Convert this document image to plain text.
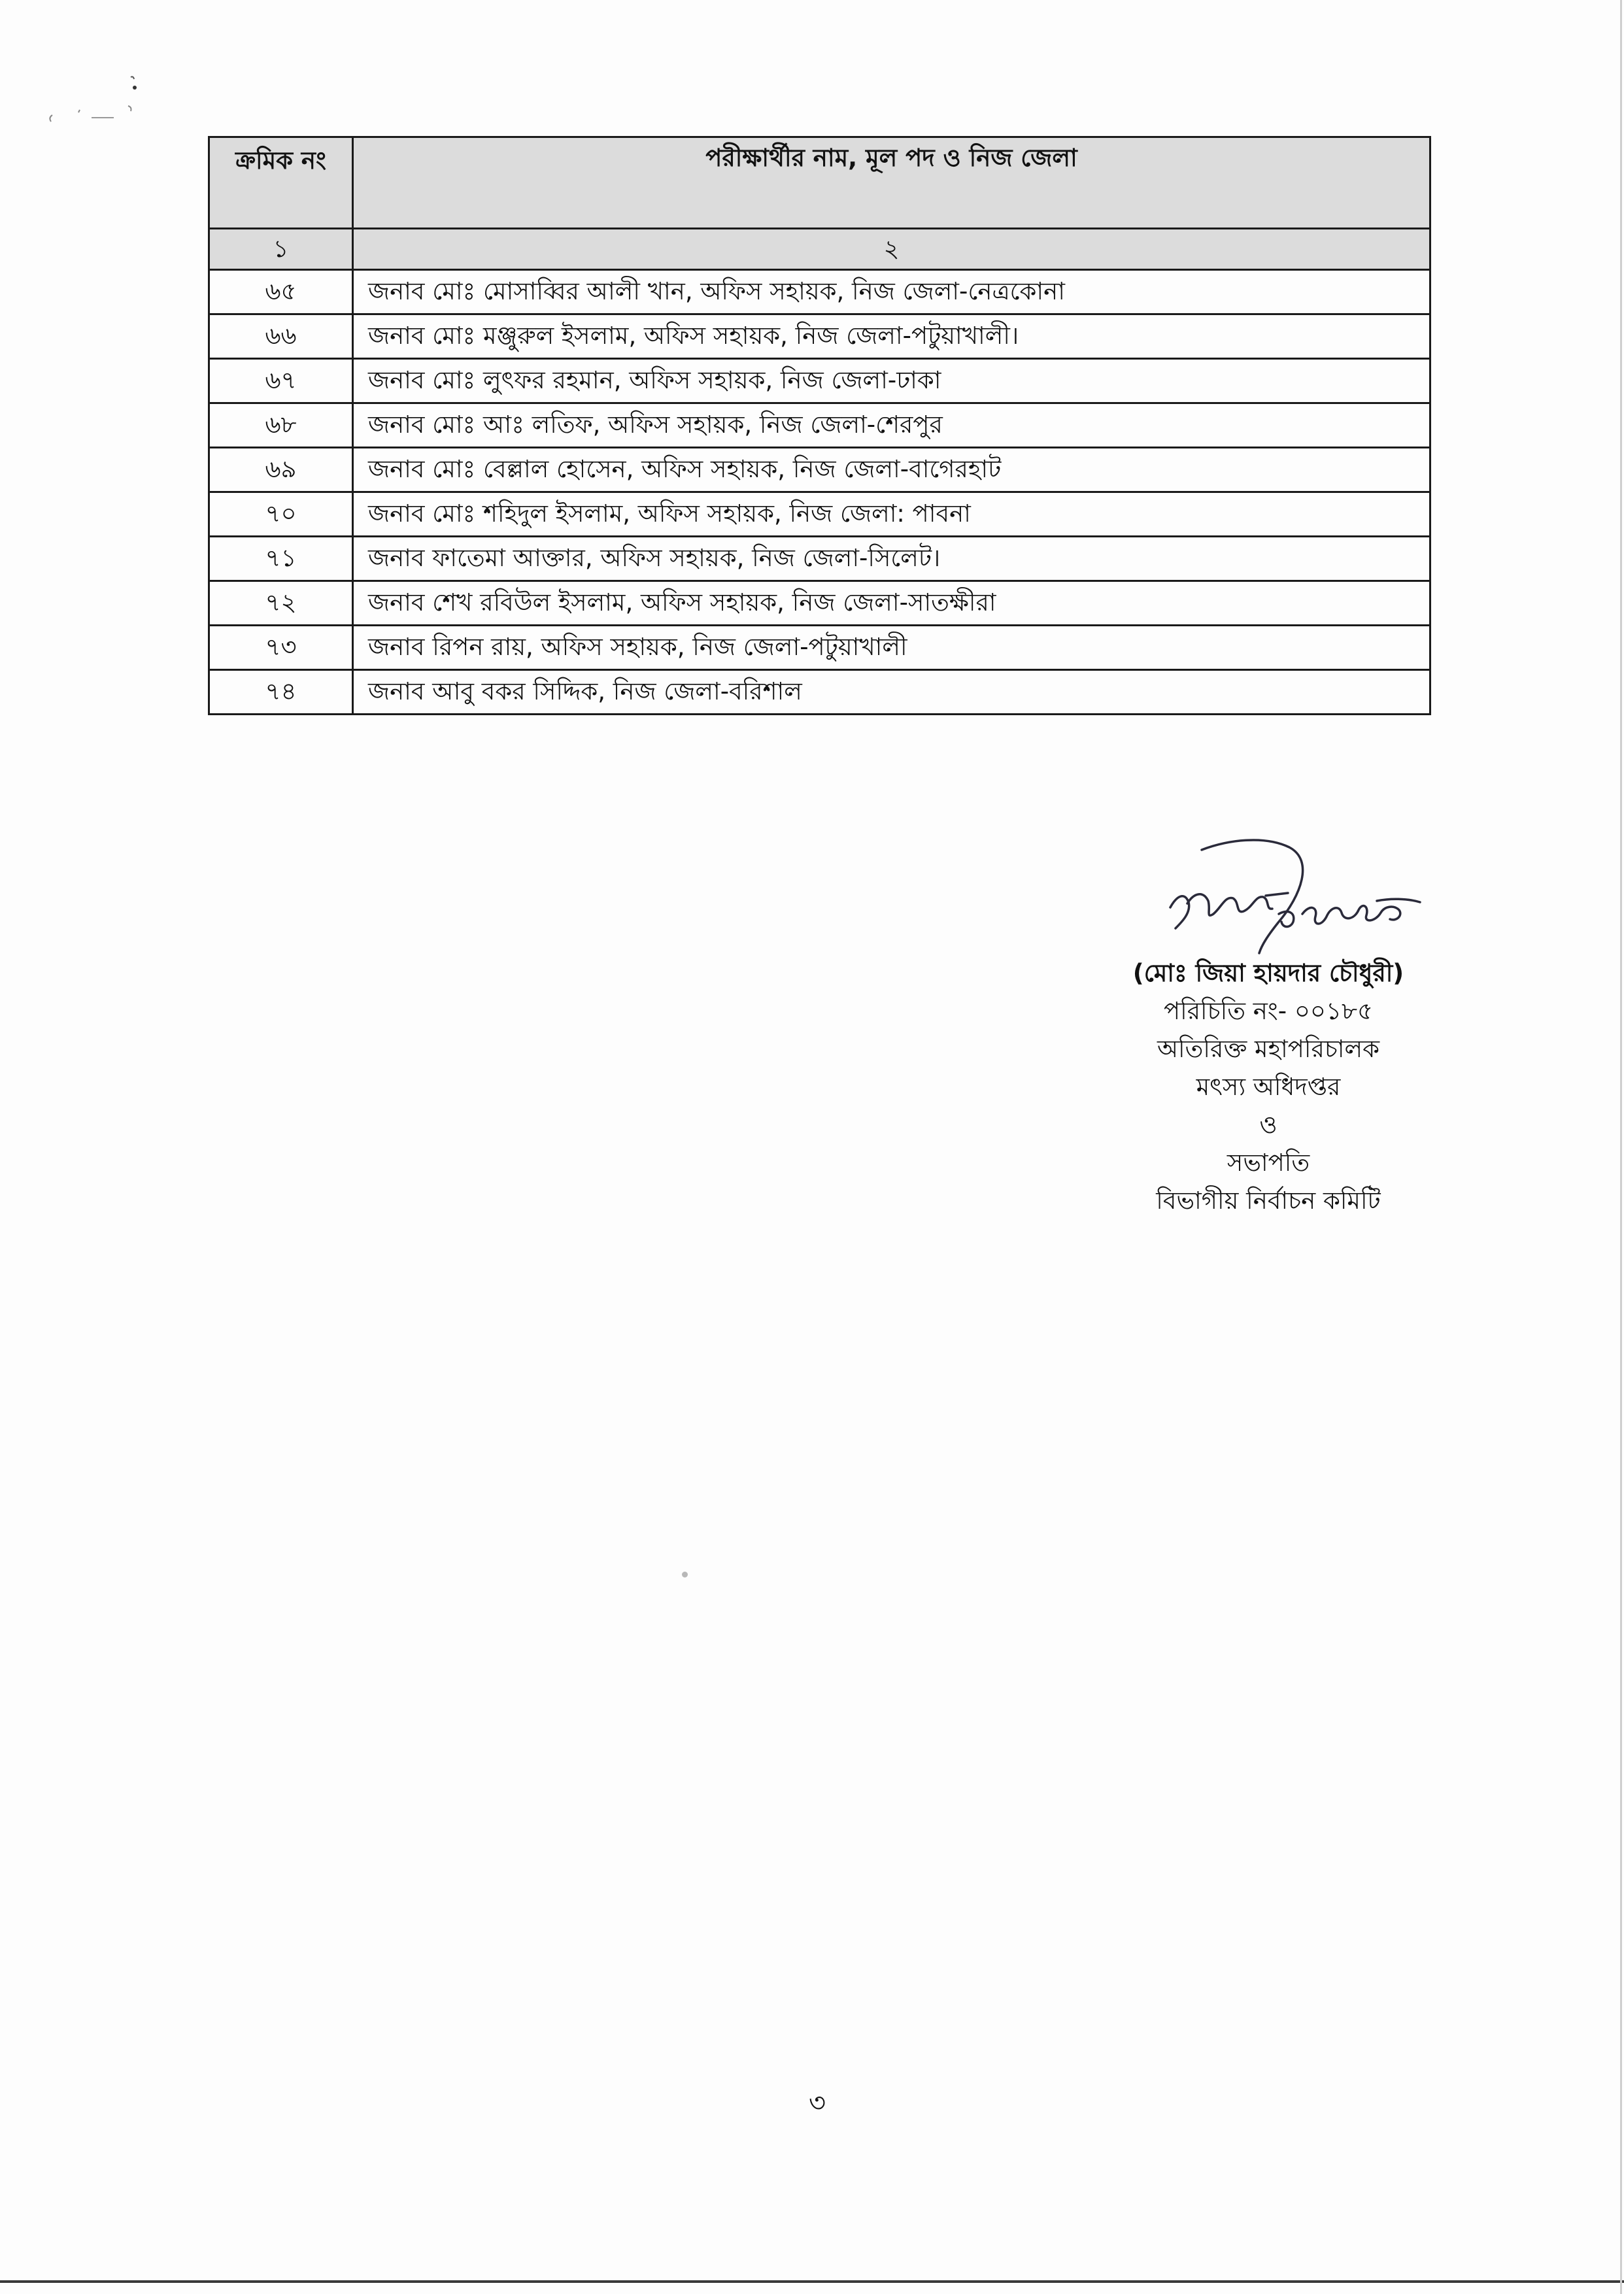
ক্রমিক নং	পরীক্ষার্থীর নাম, মূল পদ ও নিজ জেলা
১	২
৬৫	জনাব মোঃ মোসাব্বির আলী খান, অফিস সহায়ক, নিজ জেলা-নেত্রকোনা
৬৬	জনাব মোঃ মঞ্জুরুল ইসলাম, অফিস সহায়ক, নিজ জেলা-পটুয়াখালী।
৬৭	জনাব মোঃ লুৎফর রহমান, অফিস সহায়ক, নিজ জেলা-ঢাকা
৬৮	জনাব মোঃ আঃ লতিফ, অফিস সহায়ক, নিজ জেলা-শেরপুর
৬৯	জনাব মোঃ বেল্লাল হোসেন, অফিস সহায়ক, নিজ জেলা-বাগেরহাট
৭০	জনাব মোঃ শহিদুল ইসলাম, অফিস সহায়ক, নিজ জেলা: পাবনা
৭১	জনাব ফাতেমা আক্তার, অফিস সহায়ক, নিজ জেলা-সিলেট।
৭২	জনাব শেখ রবিউল ইসলাম, অফিস সহায়ক, নিজ জেলা-সাতক্ষীরা
৭৩	জনাব রিপন রায়, অফিস সহায়ক, নিজ জেলা-পটুয়াখালী
৭৪	জনাব আবু বকর সিদ্দিক, নিজ জেলা-বরিশাল
(মোঃ জিয়া হায়দার চৌধুরী)
পরিচিতি নং- ০০১৮৫
অতিরিক্ত মহাপরিচালক
মৎস্য অধিদপ্তর
ও
সভাপতি
বিভাগীয় নির্বাচন কমিটি
৩
